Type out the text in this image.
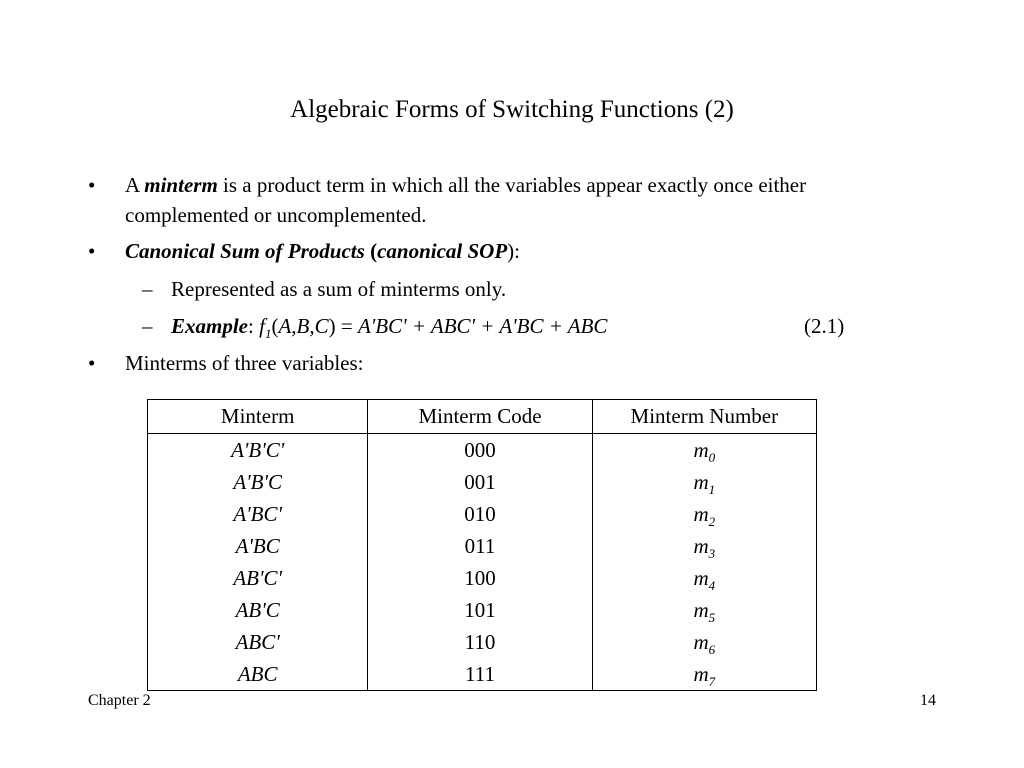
Algebraic Forms of Switching Functions (2)
• A minterm is a product term in which all the variables appear exactly once either complemented or uncomplemented.
• Canonical Sum of Products (canonical SOP):
– Represented as a sum of minterms only.
– Example: $f_1(A,B,C) = A'BC' + ABC' + A'BC$ + ABC	(2.1)
• Minterms of three variables:
Minterm	Minterm Code	Minterm Number
A'B'C'	000	$m_0$
A'B'C	001	$m_1$
A'BC'	010	$m_2$
A'BC	011	$m_3$
AB'C'	100	$m_4$
AB'C	101	$m_5$
ABC'	110	$m_6$
ABC	111	$m_7$
Chapter 2	14
